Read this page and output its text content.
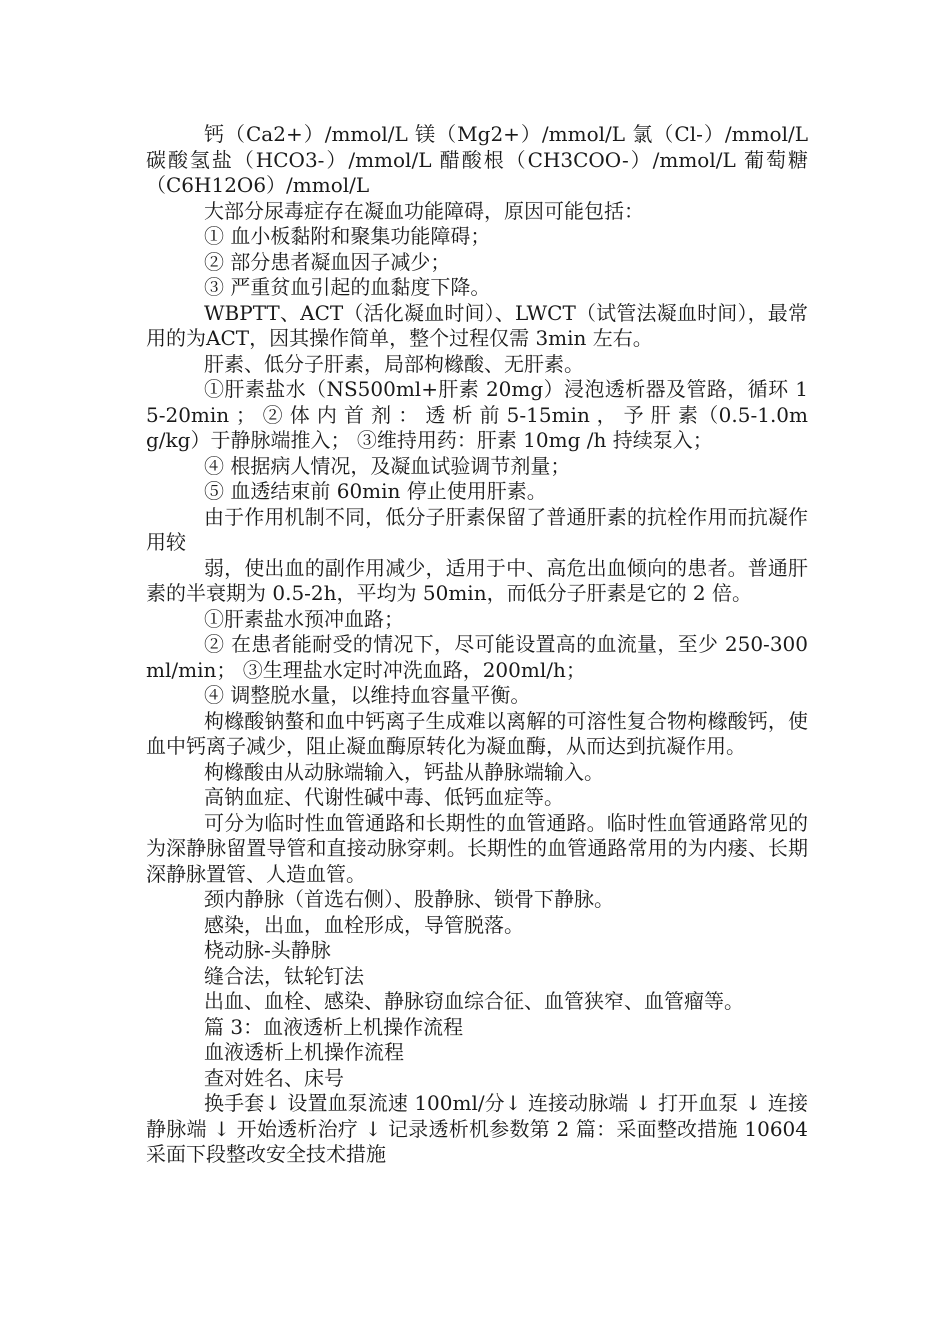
钙（Ca2+）/mmol/L 镁（Mg2+）/mmol/L 氯（Cl-）/mmol/L 碳酸氢盐（HCO3-）/mmol/L 醋酸根（CH3COO-）/mmol/L 葡萄糖（C6H12O6）/mmol/L

大部分尿毒症存在凝血功能障碍，原因可能包括：

① 血小板黏附和聚集功能障碍；

② 部分患者凝血因子减少；

③ 严重贫血引起的血黏度下降。

WBPTT、ACT（活化凝血时间）、LWCT（试管法凝血时间），最常用的为ACT，因其操作简单，整个过程仅需 3min 左右。

肝素、低分子肝素，局部枸橼酸、无肝素。

①肝素盐水（NS500ml+肝素 20mg）浸泡透析器及管路，循环 15-20min ； ② 体 内 首 剂 ： 透 析 前 5-15min ， 予 肝 素（0.5-1.0mg/kg）于静脉端推入； ③维持用药：肝素 10mg /h 持续泵入；

④ 根据病人情况，及凝血试验调节剂量；

⑤ 血透结束前 60min 停止使用肝素。

由于作用机制不同，低分子肝素保留了普通肝素的抗栓作用而抗凝作用较

弱，使出血的副作用减少，适用于中、高危出血倾向的患者。普通肝素的半衰期为 0.5-2h，平均为 50min，而低分子肝素是它的 2 倍。

①肝素盐水预冲血路；

② 在患者能耐受的情况下，尽可能设置高的血流量，至少 250-300ml/min； ③生理盐水定时冲洗血路，200ml/h；

④ 调整脱水量，以维持血容量平衡。

枸橼酸钠螯和血中钙离子生成难以离解的可溶性复合物枸橼酸钙，使血中钙离子减少，阻止凝血酶原转化为凝血酶，从而达到抗凝作用。

枸橼酸由从动脉端输入，钙盐从静脉端输入。

高钠血症、代谢性碱中毒、低钙血症等。

可分为临时性血管通路和长期性的血管通路。临时性血管通路常见的为深静脉留置导管和直接动脉穿刺。长期性的血管通路常用的为内瘘、长期深静脉置管、人造血管。

颈内静脉（首选右侧）、股静脉、锁骨下静脉。

感染，出血，血栓形成，导管脱落。

桡动脉-头静脉

缝合法，钛轮钉法

出血、血栓、感染、静脉窃血综合征、血管狭窄、血管瘤等。

篇 3：血液透析上机操作流程

血液透析上机操作流程

查对姓名、床号

换手套↓ 设置血泵流速 100ml/分↓ 连接动脉端 ↓ 打开血泵 ↓ 连接静脉端 ↓ 开始透析治疗 ↓ 记录透析机参数第 2 篇：采面整改措施 10604 采面下段整改安全技术措施
